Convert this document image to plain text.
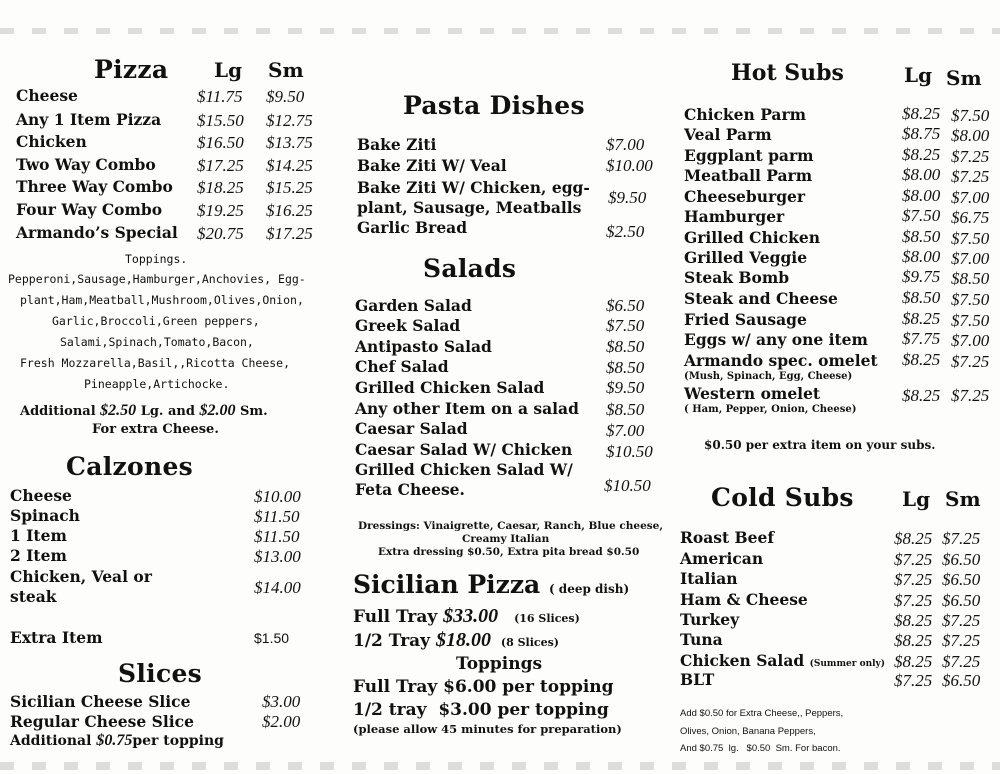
Pizza Lg Sm
Cheese	$11.75 $9.50
Any 1 Item Pizza $15.50 $12.75
Chicken	$16.50 $13.75
Two Way Combo $17.25 $14.25
Three Way Combo $18.25 $15.25
Four Way Combo $19.25 $16.25
Armando’s Special $20.75 $17.25
Toppings.
Pepperoni,Sausage,Hamburger,Anchovies, Egg-
plant,Ham,Meatball,Mushroom,Olives,Onion,
Garlic,Broccoli,Green peppers,
Salami,Spinach,Tomato,Bacon,
Fresh Mozzarella,Basil,,Ricotta Cheese,
Pineapple,Artichocke.
Additional $2.50 Lg. and $2.00 Sm.
For extra Cheese.
Calzones
Cheese	$10.00
Spinach	$11.50
1 Item	$11.50
2 Item	$13.00
Chicken, Veal or
steak	$14.00
Extra Item	$1.50
Slices
Sicilian Cheese Slice	$3.00
Regular Cheese Slice	$2.00
Additional $0.75per topping
Pasta Dishes
Bake Ziti	$7.00
Bake Ziti W/ Veal	$10.00
Bake Ziti W/ Chicken, egg-
plant, Sausage, Meatballs
$9.50
Garlic Bread	$2.50
Salads
Garden Salad	$6.50
Greek Salad	$7.50
Antipasto Salad	$8.50
Chef Salad	$8.50
Grilled Chicken Salad	$9.50
Any other Item on a salad $8.50
Caesar Salad	$7.00
Caesar Salad W/ Chicken $10.50
Grilled Chicken Salad W/
Feta Cheese.	$10.50
Dressings: Vinaigrette, Caesar, Ranch, Blue cheese,
Creamy Italian
Extra dressing $0.50, Extra pita bread $0.50
Sicilian Pizza ( deep dish)
Full Tray $33.00 (16 Slices)
1/2 Tray $18.00 (8 Slices)
Toppings
Full Tray $6.00 per topping
1/2 tray  $3.00 per topping
(please allow 45 minutes for preparation)
Hot Subs	Lg Sm
Chicken Parm	$8.25 $7.50
Veal Parm	$8.75 $8.00
Eggplant parm	$8.25 $7.25
Meatball Parm	$8.00 $7.25
Cheeseburger	$8.00 $7.00
Hamburger	$7.50 $6.75
Grilled Chicken	$8.50 $7.50
Grilled Veggie	$8.00 $7.00
Steak Bomb	$9.75 $8.50
Steak and Cheese	$8.50 $7.50
Fried Sausage	$8.25 $7.50
Eggs w/ any one item $7.75 $7.00
Armando spec. omelet $8.25 $7.25
(Mush, Spinach, Egg, Cheese)
Western omelet	$8.25 $7.25
( Ham, Pepper, Onion, Cheese)
$0.50 per extra item on your subs.
Cold Subs Lg Sm
Roast Beef	$8.25 $7.25
American	$7.25 $6.50
Italian	$7.25 $6.50
Ham & Cheese	$7.25 $6.50
Turkey	$8.25 $7.25
Tuna	$8.25 $7.25
Chicken Salad (Summer only) $8.25 $7.25
BLT	$7.25 $6.50
Add $0.50 for Extra Cheese,, Peppers,
Olives, Onion, Banana Peppers,
And $0.75  lg.   $0.50  Sm. For bacon.
